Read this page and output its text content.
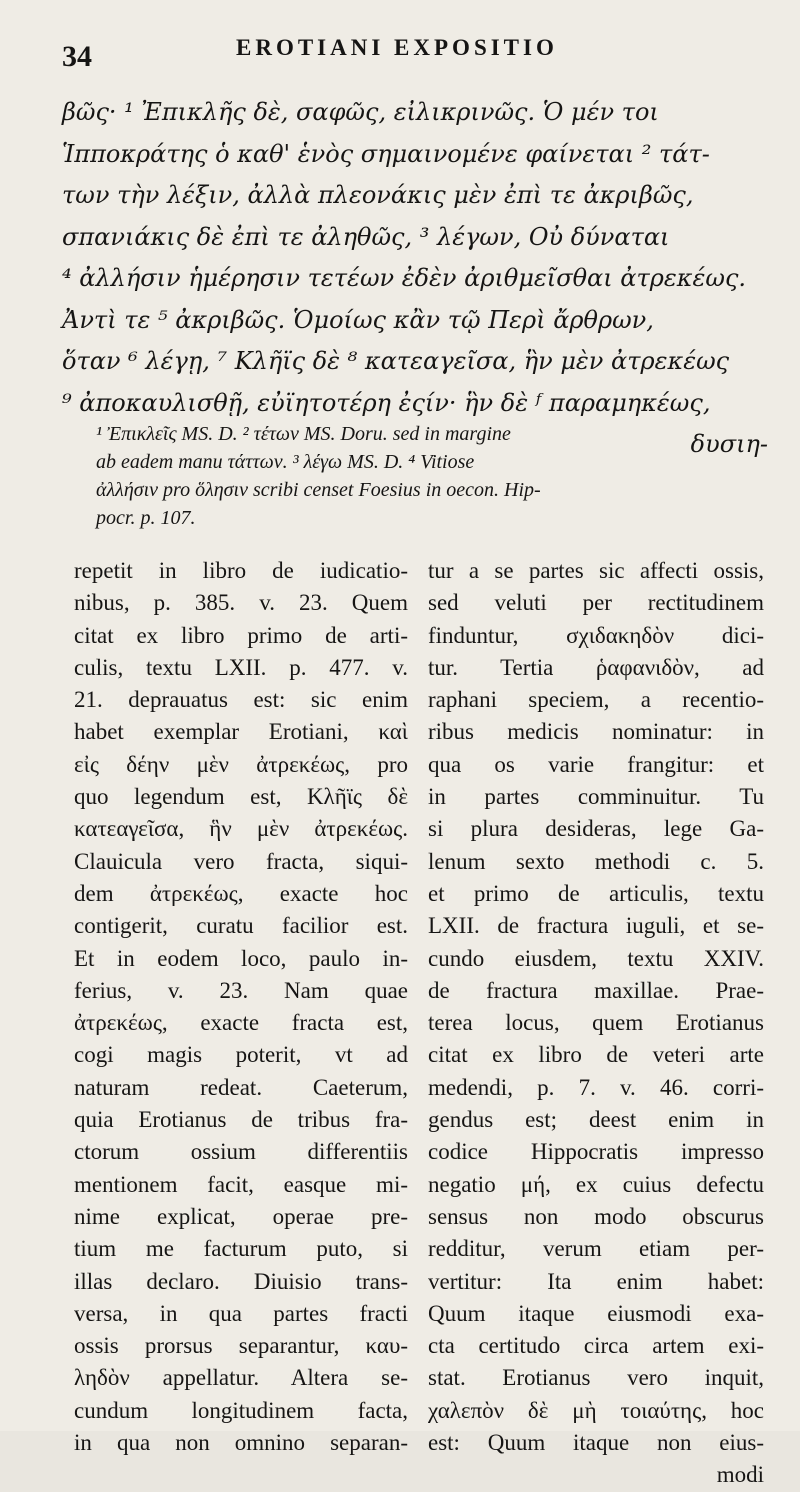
34	EROTIANI EXPOSITIO
βῶς· ¹ Ἐπικλῆς δὲ, σαφῶς, εἰλικρινῶς. Ὁ μέν τοι
Ἱπποκράτης ὁ καθ' ἑνὸς σημαινομένε φαίνεται ² τάτ-
των τὴν λέξιν, ἀλλὰ πλεονάκις μὲν ἐπὶ τε ἀκριβῶς,
σπανιάκις δὲ ἐπὶ τε ἀληθῶς, ³ λέγων, Οὐ δύναται
⁴ ἀλλήσιν ἡμέρησιν τετέων ἐδὲν ἀριθμεῖσθαι ἀτρεκέως.
Ἀντὶ τε ⁵ ἀκριβῶς. Ὁμοίως κἂν τῷ Περὶ ἄρθρων,
ὅταν ⁶ λέγῃ, ⁷ Κλῆϊς δὲ ⁸ κατεαγεῖσα, ἣν μὲν ἀτρεκέως
⁹ ἀποκαυλισθῇ, εὐϊητοτέρη ἐςίν· ἣν δὲ ᶠ παραμηκέως,
δυσιη-
¹ Ἐπικλεῖς MS. D. ² τέτων MS. Doru. sed in margine
ab eadem manu τάττων. ³ λέγω MS. D. ⁴ Vitiose
ἀλλήσιν pro ὅλησιν scribi censet Foesius in oecon. Hip-
pocr. p. 107.
repetit in libro de iudicatio-
nibus, p. 385. v. 23. Quem
citat ex libro primo de arti-
culis, textu LXII. p. 477. v.
21. deprauatus est: sic enim
habet exemplar Erotiani, καὶ
εἰς δέην μὲν ἀτρεκέως, pro
quo legendum est, Κλῆϊς δὲ
κατεαγεῖσα, ἣν μὲν ἀτρεκέως.
Clauicula vero fracta, siqui-
dem ἀτρεκέως, exacte hoc
contigerit, curatu facilior est.
Et in eodem loco, paulo in-
ferius, v. 23. Nam quae
ἀτρεκέως, exacte fracta est,
cogi magis poterit, vt ad
naturam redeat. Caeterum,
quia Erotianus de tribus fra-
ctorum ossium differentiis
mentionem facit, easque mi-
nime explicat, operae pre-
tium me facturum puto, si
illas declaro. Diuisio trans-
versa, in qua partes fracti
ossis prorsus separantur, καυ-
ληδὸν appellatur. Altera se-
cundum longitudinem facta,
in qua non omnino separan-
tur a se partes sic affecti ossis,
sed veluti per rectitudinem
finduntur, σχιδακηδὸν dici-
tur. Tertia ῥαφανιδὸν, ad
raphani speciem, a recentio-
ribus medicis nominatur: in
qua os varie frangitur: et
in partes comminuitur. Tu
si plura desideras, lege Ga-
lenum sexto methodi c. 5.
et primo de articulis, textu
LXII. de fractura iuguli, et se-
cundo eiusdem, textu XXIV.
de fractura maxillae. Prae-
terea locus, quem Erotianus
citat ex libro de veteri arte
medendi, p. 7. v. 46. corri-
gendus est; deest enim in
codice Hippocratis impresso
negatio μή, ex cuius defectu
sensus non modo obscurus
redditur, verum etiam per-
vertitur: Ita enim habet:
Quum itaque eiusmodi exa-
cta certitudo circa artem exi-
stat. Erotianus vero inquit,
χαλεπὸν δὲ μὴ τοιαύτης, hoc
est: Quum itaque non eius-
modi
